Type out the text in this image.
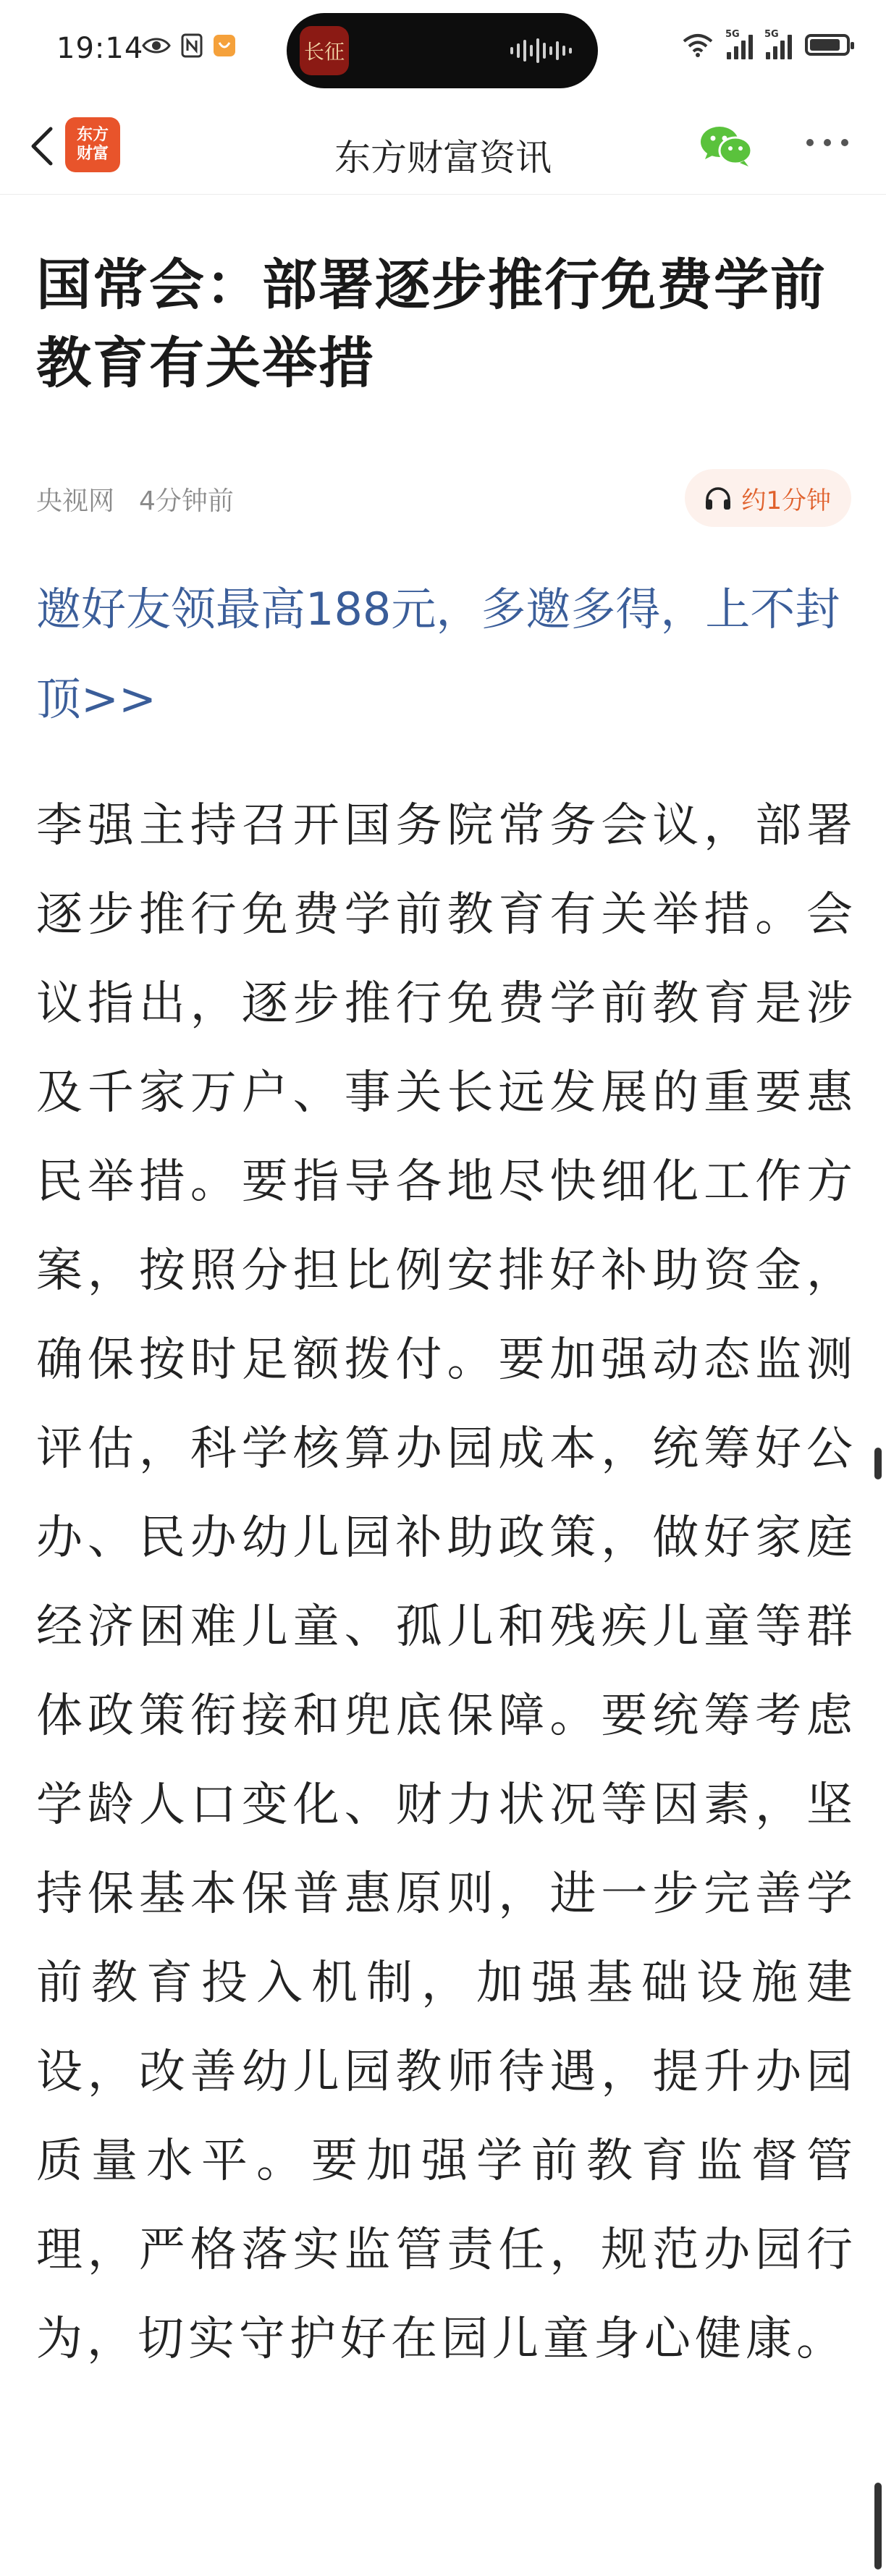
19:14	长征
5G	5G
东方
财富	东方财富资讯
国常会：部署逐步推行免费学前教育有关举措
央视网 4分钟前	约1分钟
邀好友领最高188元，多邀多得，上不封顶>>
李强主持召开国务院常务会议，部署逐步推行免费学前教育有关举措。会议指出，逐步推行免费学前教育是涉及千家万户、事关长远发展的重要惠民举措。要指导各地尽快细化工作方案，按照分担比例安排好补助资金，确保按时足额拨付。要加强动态监测评估，科学核算办园成本，统筹好公办、民办幼儿园补助政策，做好家庭经济困难儿童、孤儿和残疾儿童等群体政策衔接和兜底保障。要统筹考虑学龄人口变化、财力状况等因素，坚持保基本保普惠原则，进一步完善学前教育投入机制，加强基础设施建设，改善幼儿园教师待遇，提升办园质量水平。要加强学前教育监督管理，严格落实监管责任，规范办园行为，切实守护好在园儿童身心健康。
